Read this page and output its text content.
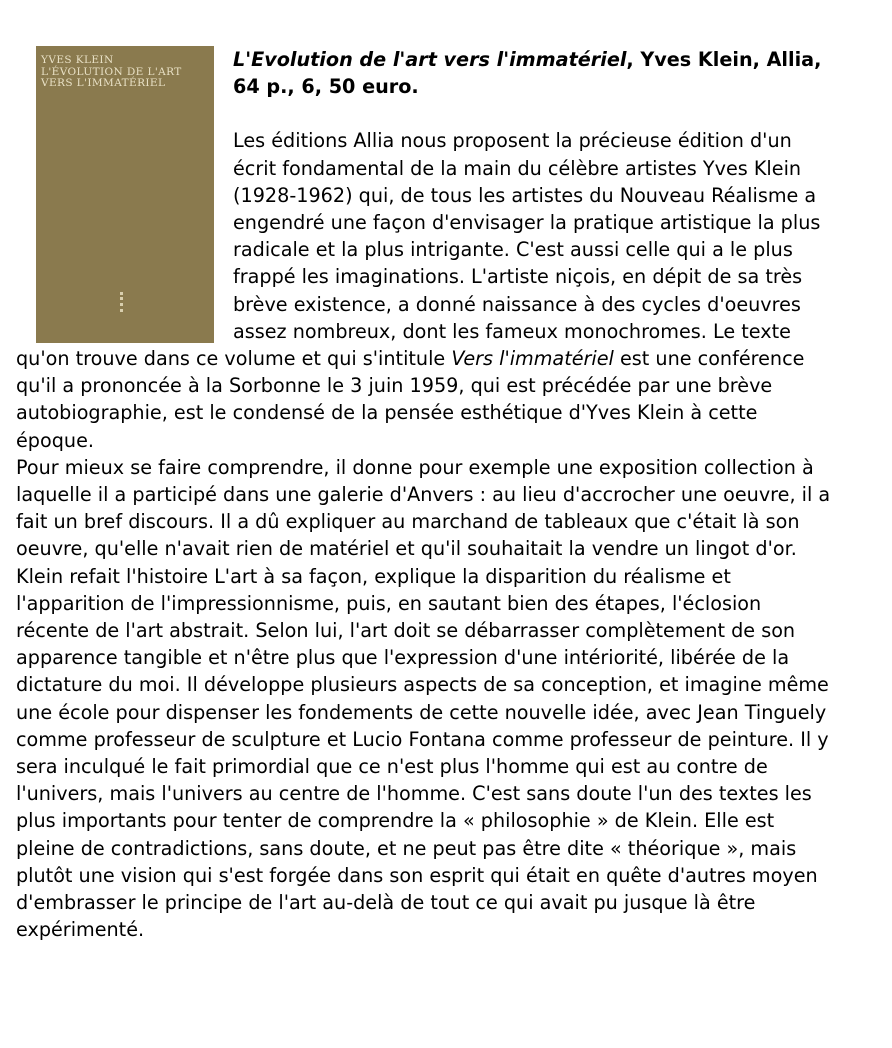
YVES KLEIN
L'ÉVOLUTION DE L'ART
VERS L'IMMATÉRIEL

L'Evolution de l'art vers l'immatériel, Yves Klein, Allia, 64 p., 6, 50 euro.

Les éditions Allia nous proposent la précieuse édition d'un écrit fondamental de la main du célèbre artistes Yves Klein (1928-1962) qui, de tous les artistes du Nouveau Réalisme a engendré une façon d'envisager la pratique artistique la plus radicale et la plus intrigante. C'est aussi celle qui a le plus frappé les imaginations. L'artiste niçois, en dépit de sa très brève existence, a donné naissance à des cycles d'oeuvres assez nombreux, dont les fameux monochromes. Le texte qu'on trouve dans ce volume et qui s'intitule Vers l'immatériel est une conférence qu'il a prononcée à la Sorbonne le 3 juin 1959, qui est précédée par une brève autobiographie, est le condensé de la pensée esthétique d'Yves Klein à cette époque.

Pour mieux se faire comprendre, il donne pour exemple une exposition collection à laquelle il a participé dans une galerie d'Anvers : au lieu d'accrocher une oeuvre, il a fait un bref discours. Il a dû expliquer au marchand de tableaux que c'était là son oeuvre, qu'elle n'avait rien de matériel et qu'il souhaitait la vendre un lingot d'or. Klein refait l'histoire L'art à sa façon, explique la disparition du réalisme et l'apparition de l'impressionnisme, puis, en sautant bien des étapes, l'éclosion récente de l'art abstrait. Selon lui, l'art doit se débarrasser complètement de son apparence tangible et n'être plus que l'expression d'une intériorité, libérée de la dictature du moi. Il développe plusieurs aspects de sa conception, et imagine même une école pour dispenser les fondements de cette nouvelle idée, avec Jean Tinguely comme professeur de sculpture et Lucio Fontana comme professeur de peinture. Il y sera inculqué le fait primordial que ce n'est plus l'homme qui est au contre de l'univers, mais l'univers au centre de l'homme. C'est sans doute l'un des textes les plus importants pour tenter de comprendre la « philosophie » de Klein. Elle est pleine de contradictions, sans doute, et ne peut pas être dite « théorique », mais plutôt une vision qui s'est forgée dans son esprit qui était en quête d'autres moyen d'embrasser le principe de l'art au-delà de tout ce qui avait pu jusque là être expérimenté.
